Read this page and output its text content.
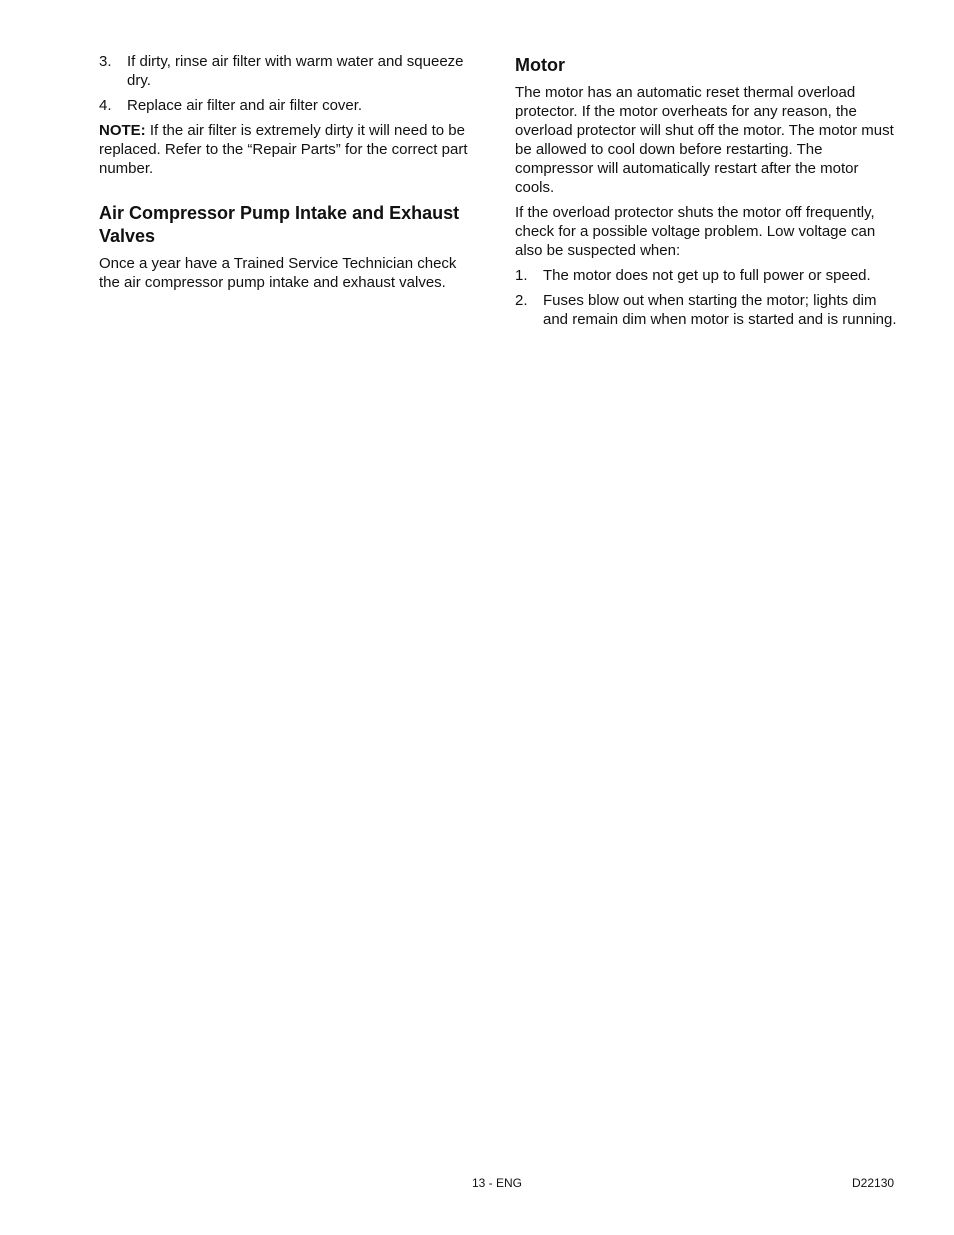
3. If dirty, rinse air filter with warm water and squeeze dry.
4. Replace air filter and air filter cover.

NOTE: If the air filter is extremely dirty it will need to be replaced. Refer to the “Repair Parts” for the correct part number.

Air Compressor Pump Intake and Exhaust Valves

Once a year have a Trained Service Technician check the air compressor pump intake and exhaust valves.

Motor

The motor has an automatic reset thermal overload protector. If the motor overheats for any reason, the overload protector will shut off the motor. The motor must be allowed to cool down before restarting. The compressor will automatically restart after the motor cools.

If the overload protector shuts the motor off frequently, check for a possible voltage problem. Low voltage can also be suspected when:

1. The motor does not get up to full power or speed.
2. Fuses blow out when starting the motor; lights dim and remain dim when motor is started and is running.
13 - ENG	D22130
